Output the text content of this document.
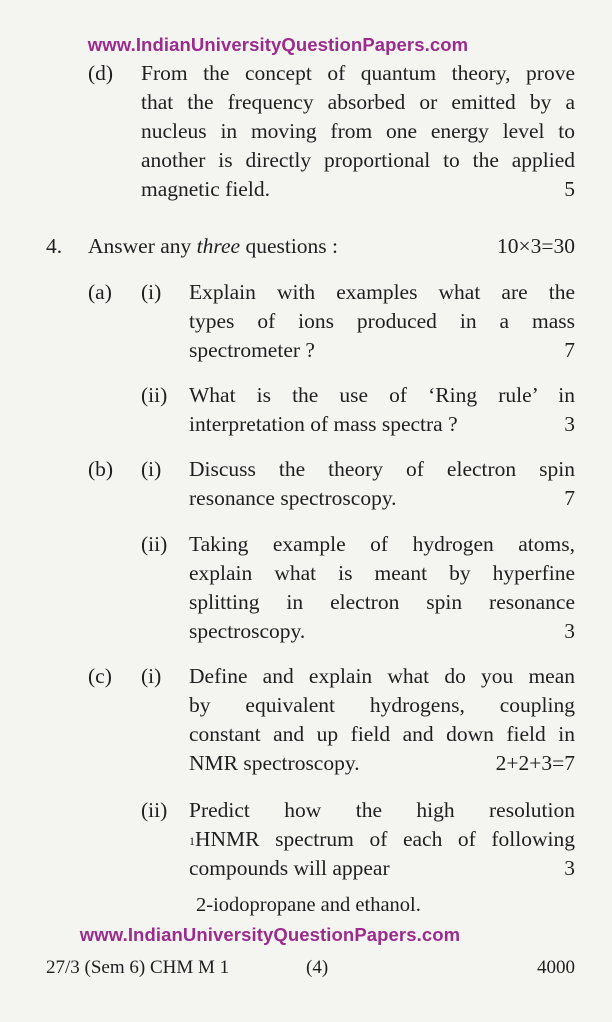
www.IndianUniversityQuestionPapers.com
(d) From the concept of quantum theory, prove
that the frequency absorbed or emitted by a
nucleus in moving from one energy level to
another is directly proportional to the applied
magnetic field.	5
4. Answer any three questions :	10×3=30
(a) (i) Explain with examples what are the
types of ions produced in a mass
spectrometer ?	7
(ii) What is the use of ‘Ring rule’ in
interpretation of mass spectra ?	3
(b) (i) Discuss the theory of electron spin
resonance spectroscopy.	7
(ii) Taking example of hydrogen atoms,
explain what is meant by hyperfine
splitting in electron spin resonance
spectroscopy.	3
(c) (i) Define and explain what do you mean
by equivalent hydrogens, coupling
constant and up field and down field in
NMR spectroscopy.	2+2+3=7
(ii) Predict how the high resolution
1 HNMR spectrum of each of following
compounds will appear	3
2-iodopropane and ethanol.
www.IndianUniversityQuestionPapers.com
27/3 (Sem 6) CHM M 1	(4)	4000
